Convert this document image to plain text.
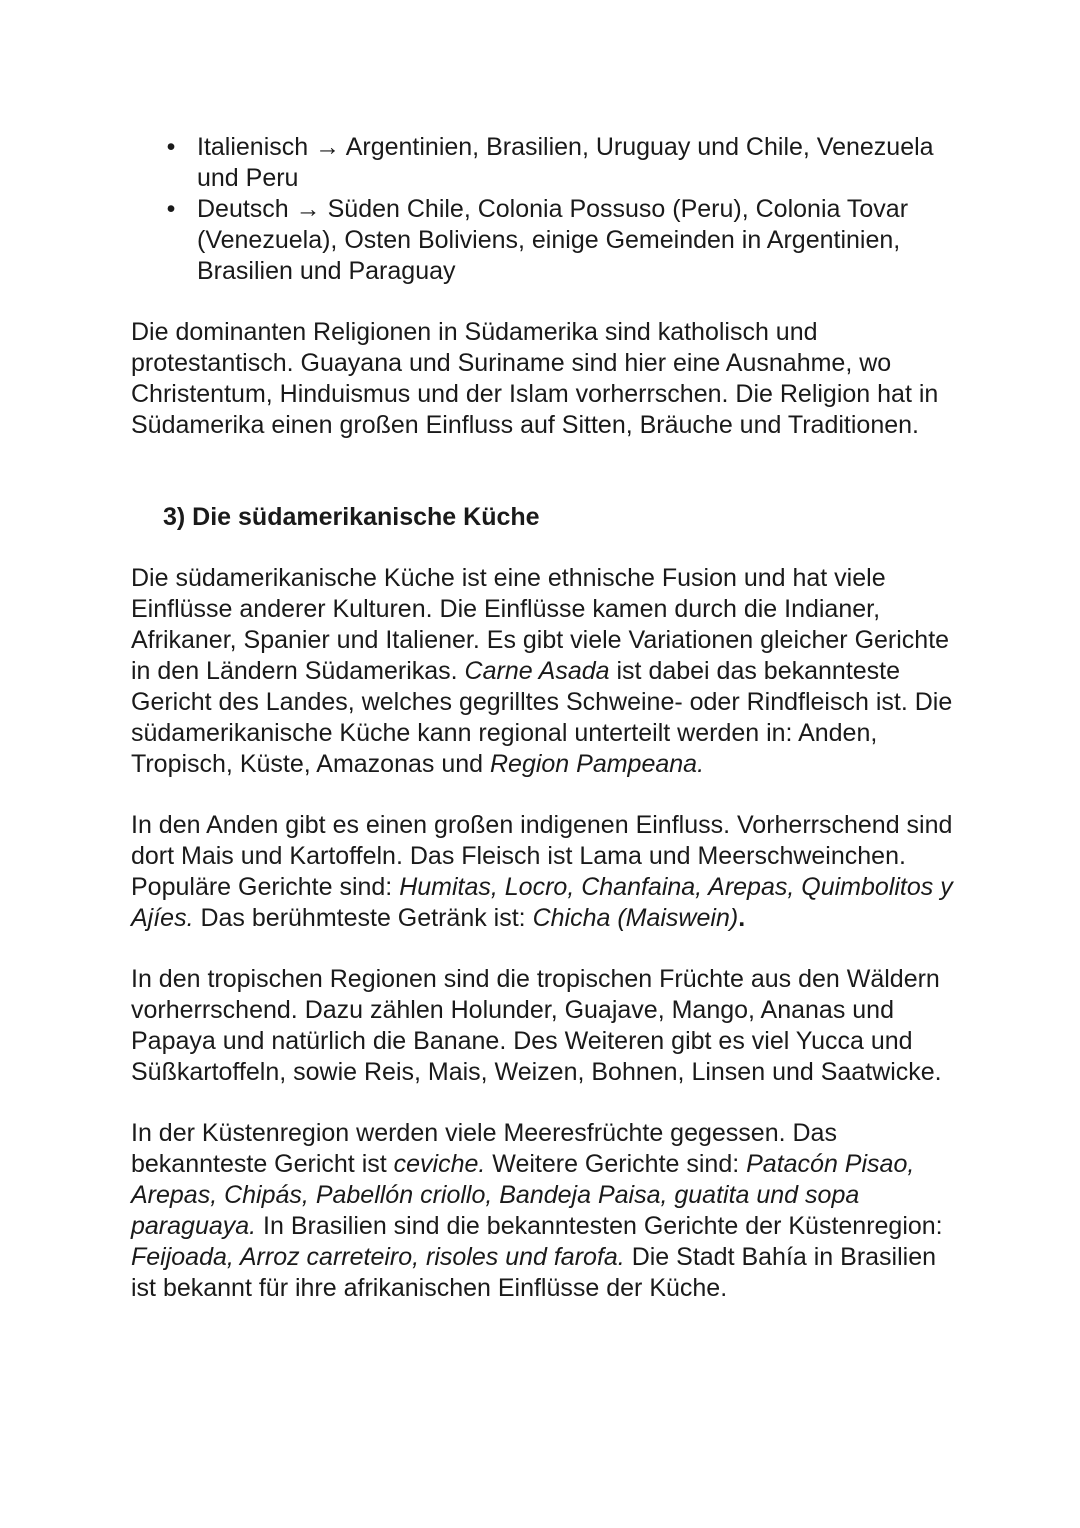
• Italienisch → Argentinien, Brasilien, Uruguay und Chile, Venezuela und Peru
• Deutsch → Süden Chile, Colonia Possuso (Peru), Colonia Tovar (Venezuela), Osten Boliviens, einige Gemeinden in Argentinien, Brasilien und Paraguay

Die dominanten Religionen in Südamerika sind katholisch und protestantisch. Guayana und Suriname sind hier eine Ausnahme, wo Christentum, Hinduismus und der Islam vorherrschen. Die Religion hat in Südamerika einen großen Einfluss auf Sitten, Bräuche und Traditionen.

3) Die südamerikanische Küche

Die südamerikanische Küche ist eine ethnische Fusion und hat viele Einflüsse anderer Kulturen. Die Einflüsse kamen durch die Indianer, Afrikaner, Spanier und Italiener. Es gibt viele Variationen gleicher Gerichte in den Ländern Südamerikas. Carne Asada ist dabei das bekannteste Gericht des Landes, welches gegrilltes Schweine- oder Rindfleisch ist. Die südamerikanische Küche kann regional unterteilt werden in: Anden, Tropisch, Küste, Amazonas und Region Pampeana.

In den Anden gibt es einen großen indigenen Einfluss. Vorherrschend sind dort Mais und Kartoffeln. Das Fleisch ist Lama und Meerschweinchen. Populäre Gerichte sind: Humitas, Locro, Chanfaina, Arepas, Quimbolitos y Ajíes. Das berühmteste Getränk ist: Chicha (Maiswein).

In den tropischen Regionen sind die tropischen Früchte aus den Wäldern vorherrschend. Dazu zählen Holunder, Guajave, Mango, Ananas und Papaya und natürlich die Banane. Des Weiteren gibt es viel Yucca und Süßkartoffeln, sowie Reis, Mais, Weizen, Bohnen, Linsen und Saatwicke.

In der Küstenregion werden viele Meeresfrüchte gegessen. Das bekannteste Gericht ist ceviche. Weitere Gerichte sind: Patacón Pisao, Arepas, Chipás, Pabellón criollo, Bandeja Paisa, guatita und sopa paraguaya. In Brasilien sind die bekanntesten Gerichte der Küstenregion: Feijoada, Arroz carreteiro, risoles und farofa. Die Stadt Bahía in Brasilien ist bekannt für ihre afrikanischen Einflüsse der Küche.
